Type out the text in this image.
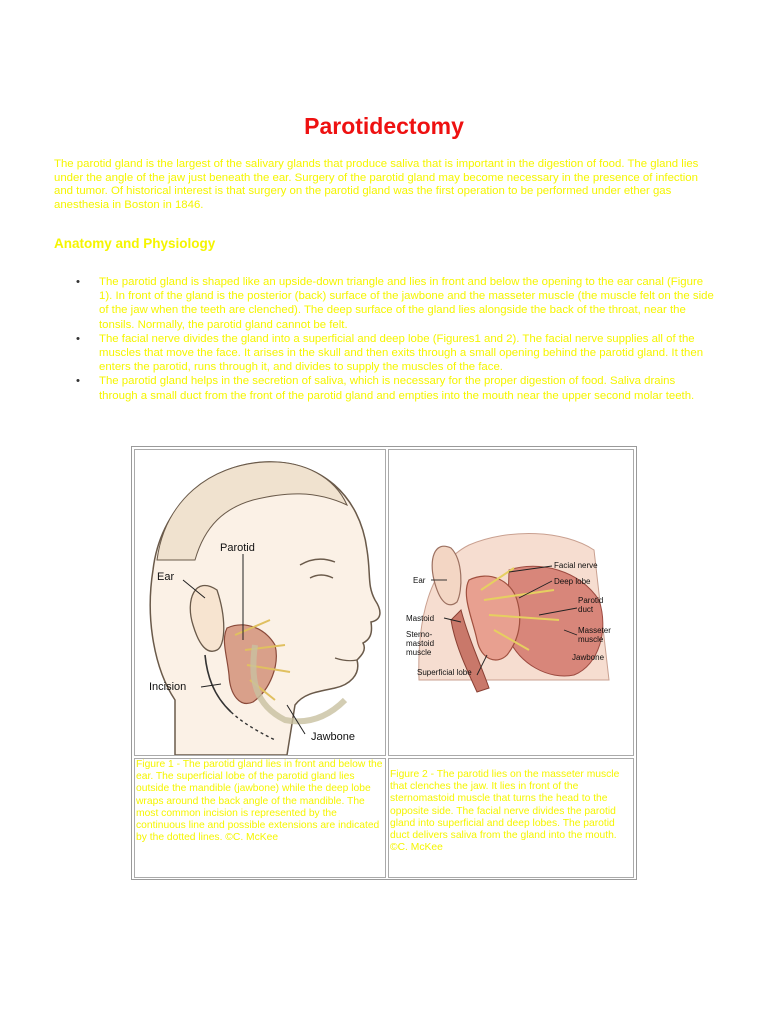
Parotidectomy

The parotid gland is the largest of the salivary glands that produce saliva that is important in the digestion of food. The gland lies under the angle of the jaw just beneath the ear. Surgery of the parotid gland may become necessary in the presence of infection and tumor. Of historical interest is that surgery on the parotid gland was the first operation to be performed under ether gas anesthesia in Boston in 1846.

Anatomy and Physiology
• The parotid gland is shaped like an upside-down triangle and lies in front and below the opening to the ear canal (Figure 1). In front of the gland is the posterior (back) surface of the jawbone and the masseter muscle (the muscle felt on the side of the jaw when the teeth are clenched). The deep surface of the gland lies alongside the back of the throat, near the tonsils. Normally, the parotid gland cannot be felt.
• The facial nerve divides the gland into a superficial and deep lobe (Figures1 and 2). The facial nerve supplies all of the muscles that move the face. It arises in the skull and then exits through a small opening behind the parotid gland. It then enters the parotid, runs through it, and divides to supply the muscles of the face.
• The parotid gland helps in the secretion of saliva, which is necessary for the proper digestion of food. Saliva drains through a small duct from the front of the parotid gland and empties into the mouth near the upper second molar teeth.
Parotid
Ear
Incision
Jawbone
Facial nerve
Deep lobe
Ear
Parotid
duct
Mastoid
Sterno-
mastoid
muscle
Masseter
muscle
Jawbone
Superficial lobe

Figure 1 - The parotid gland lies in front and below the ear. The superficial lobe of the parotid gland lies outside the mandible (jawbone) while the deep lobe wraps around the back angle of the mandible. The most common incision is represented by the continuous line and possible extensions are indicated by the dotted lines. ©C. McKee

Figure 2 - The parotid lies on the masseter muscle that clenches the jaw. It lies in front of the sternomastoid muscle that turns the head to the opposite side. The facial nerve divides the parotid gland into superficial and deep lobes. The parotid duct delivers saliva from the gland into the mouth. ©C. McKee
